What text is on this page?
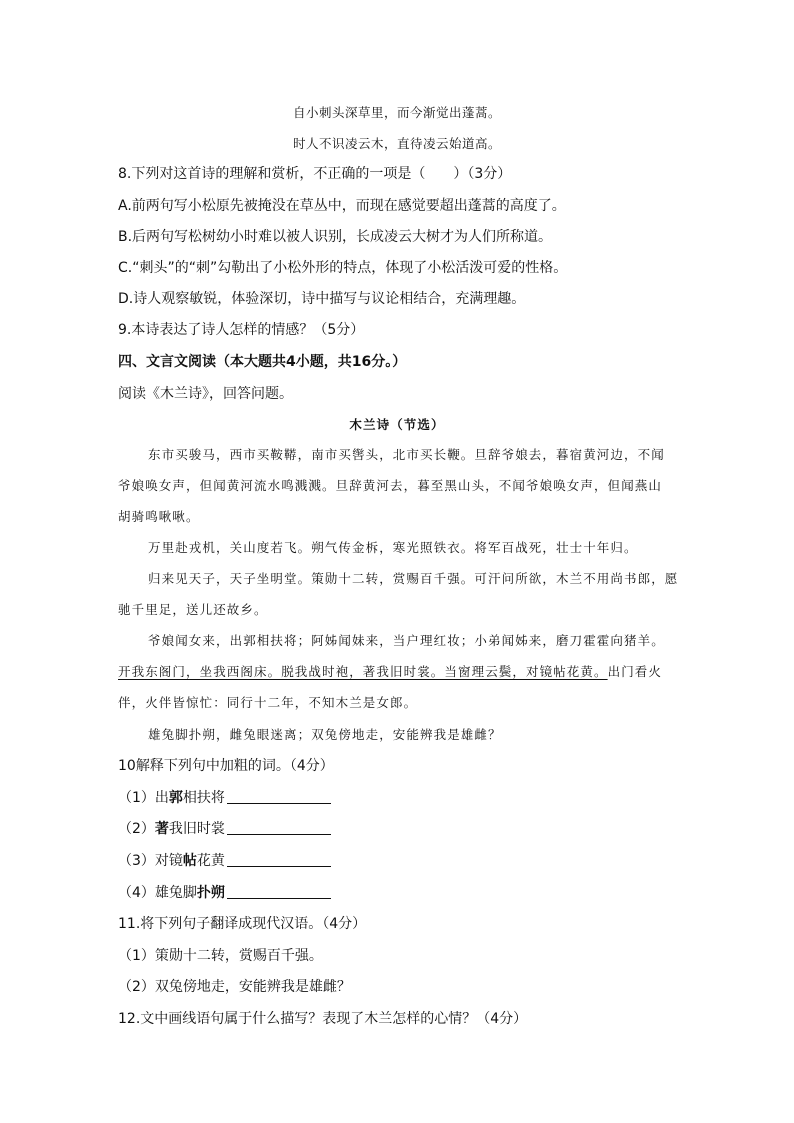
自小刺头深草里，而今渐觉出蓬蒿。
时人不识凌云木，直待凌云始道高。
8.下列对这首诗的理解和赏析，不正确的一项是（　　）（3分）
A.前两句写小松原先被掩没在草丛中，而现在感觉要超出蓬蒿的高度了。
B.后两句写松树幼小时难以被人识别，长成凌云大树才为人们所称道。
C.“刺头”的“刺”勾勒出了小松外形的特点，体现了小松活泼可爱的性格。
D.诗人观察敏锐，体验深切，诗中描写与议论相结合，充满理趣。
9.本诗表达了诗人怎样的情感？（5分）
四、文言文阅读（本大题共4小题，共16分。）
阅读《木兰诗》，回答问题。
木兰诗（节选）
东市买骏马，西市买鞍鞯，南市买辔头，北市买长鞭。旦辞爷娘去，暮宿黄河边，不闻
爷娘唤女声，但闻黄河流水鸣溅溅。旦辞黄河去，暮至黑山头，不闻爷娘唤女声，但闻燕山
胡骑鸣啾啾。
万里赴戎机，关山度若飞。朔气传金柝，寒光照铁衣。将军百战死，壮士十年归。
归来见天子，天子坐明堂。策勋十二转，赏赐百千强。可汗问所欲，木兰不用尚书郎，愿
驰千里足，送儿还故乡。
爷娘闻女来，出郭相扶将；阿姊闻妹来，当户理红妆；小弟闻姊来，磨刀霍霍向猪羊。
开我东阁门，坐我西阁床。脱我战时袍，著我旧时裳。当窗理云鬓，对镜帖花黄。出门看火
伴，火伴皆惊忙：同行十二年，不知木兰是女郎。
雄兔脚扑朔，雌兔眼迷离；双兔傍地走，安能辨我是雄雌？
10解释下列句中加粗的词。（4分）
（1）出郭相扶将
（2）著我旧时裳
（3）对镜帖花黄
（4）雄兔脚扑朔
11.将下列句子翻译成现代汉语。（4分）
（1）策勋十二转，赏赐百千强。
（2）双兔傍地走，安能辨我是雄雌？
12.文中画线语句属于什么描写？表现了木兰怎样的心情？（4分）
